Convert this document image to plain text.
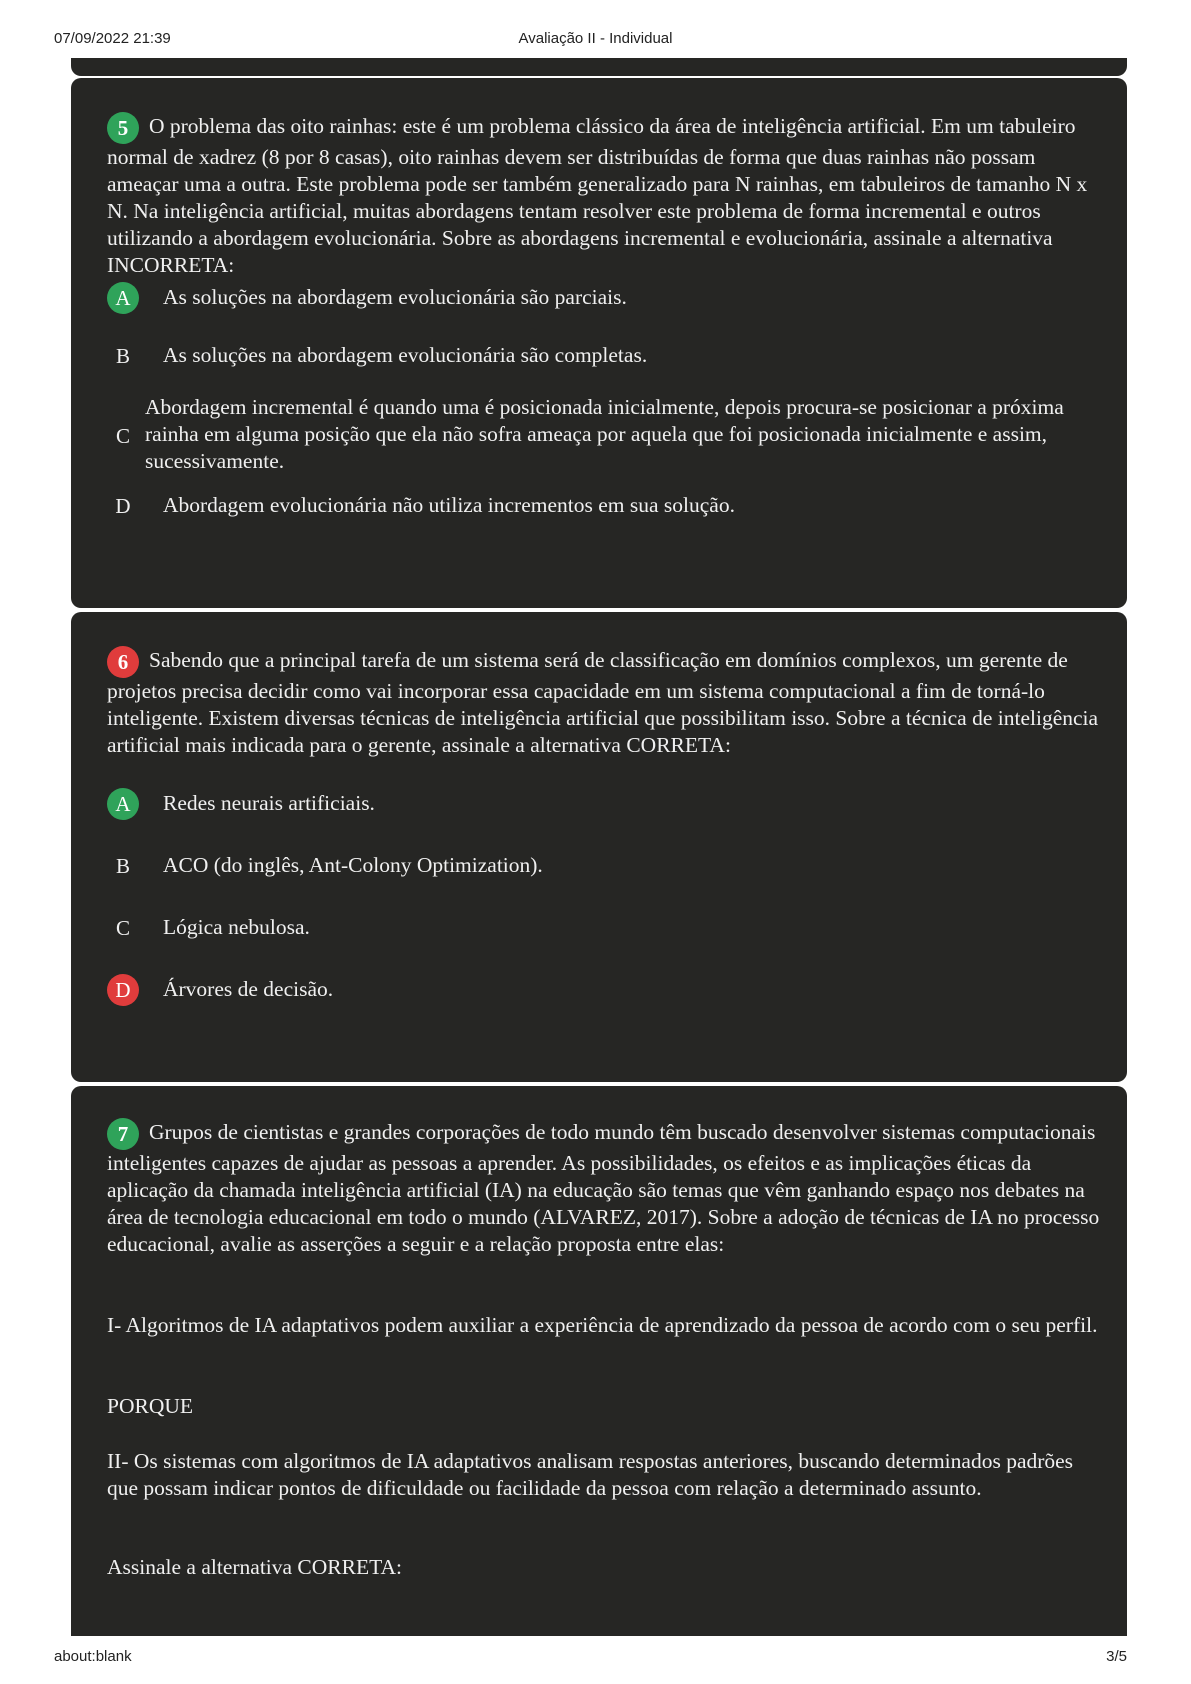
07/09/2022 21:39	Avaliação II - Individual

5 O problema das oito rainhas: este é um problema clássico da área de inteligência artificial. Em um tabuleiro normal de xadrez (8 por 8 casas), oito rainhas devem ser distribuídas de forma que duas rainhas não possam ameaçar uma a outra. Este problema pode ser também generalizado para N rainhas, em tabuleiros de tamanho N x N. Na inteligência artificial, muitas abordagens tentam resolver este problema de forma incremental e outros utilizando a abordagem evolucionária. Sobre as abordagens incremental e evolucionária, assinale a alternativa INCORRETA:

A	As soluções na abordagem evolucionária são parciais.
B	As soluções na abordagem evolucionária são completas.
C
Abordagem incremental é quando uma é posicionada inicialmente, depois procura-se posicionar a próxima rainha em alguma posição que ela não sofra ameaça por aquela que foi posicionada inicialmente e assim, sucessivamente.
D	Abordagem evolucionária não utiliza incrementos em sua solução.

6 Sabendo que a principal tarefa de um sistema será de classificação em domínios complexos, um gerente de projetos precisa decidir como vai incorporar essa capacidade em um sistema computacional a fim de torná-lo inteligente. Existem diversas técnicas de inteligência artificial que possibilitam isso. Sobre a técnica de inteligência artificial mais indicada para o gerente, assinale a alternativa CORRETA:

A	Redes neurais artificiais.
B	ACO (do inglês, Ant-Colony Optimization).
C	Lógica nebulosa.
D	Árvores de decisão.

7 Grupos de cientistas e grandes corporações de todo mundo têm buscado desenvolver sistemas computacionais inteligentes capazes de ajudar as pessoas a aprender. As possibilidades, os efeitos e as implicações éticas da aplicação da chamada inteligência artificial (IA) na educação são temas que vêm ganhando espaço nos debates na área de tecnologia educacional em todo o mundo (ALVAREZ, 2017). Sobre a adoção de técnicas de IA no processo educacional, avalie as asserções a seguir e a relação proposta entre elas:

I- Algoritmos de IA adaptativos podem auxiliar a experiência de aprendizado da pessoa de acordo com o seu perfil.

PORQUE

II- Os sistemas com algoritmos de IA adaptativos analisam respostas anteriores, buscando determinados padrões que possam indicar pontos de dificuldade ou facilidade da pessoa com relação a determinado assunto.

Assinale a alternativa CORRETA:

about:blank	3/5
